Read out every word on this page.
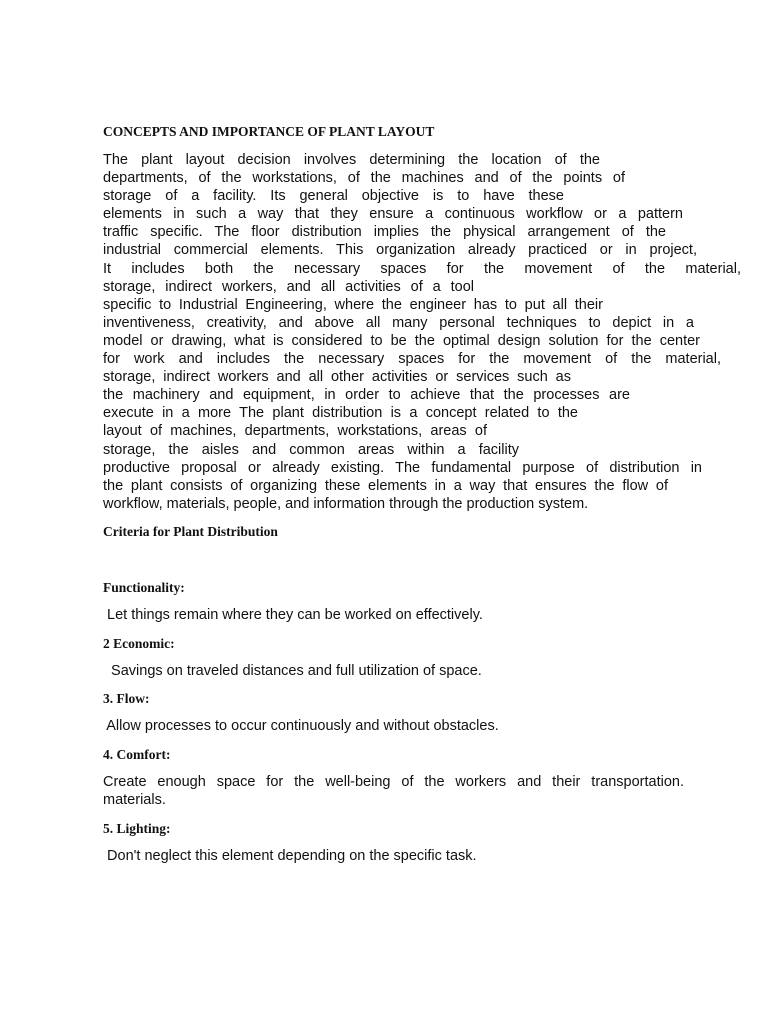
CONCEPTS AND IMPORTANCE OF PLANT LAYOUT
The plant layout decision involves determining the location of the
departments, of the workstations, of the machines and of the points of
storage of a facility. Its general objective is to have these
elements in such a way that they ensure a continuous workflow or a pattern
traffic specific. The floor distribution implies the physical arrangement of the
industrial commercial elements. This organization already practiced or in project,
It includes both the necessary spaces for the movement of the material,
storage, indirect workers, and all activities of a tool
specific to Industrial Engineering, where the engineer has to put all their
inventiveness, creativity, and above all many personal techniques to depict in a
model or drawing, what is considered to be the optimal design solution for the center
for work and includes the necessary spaces for the movement of the material,
storage, indirect workers and all other activities or services such as
the machinery and equipment, in order to achieve that the processes are
execute in a more The plant distribution is a concept related to the
layout of machines, departments, workstations, areas of
storage, the aisles and common areas within a facility
productive proposal or already existing. The fundamental purpose of distribution in
the plant consists of organizing these elements in a way that ensures the flow of
workflow, materials, people, and information through the production system.
Criteria for Plant Distribution
Functionality:
Let things remain where they can be worked on effectively.
2 Economic:
Savings on traveled distances and full utilization of space.
3. Flow:
Allow processes to occur continuously and without obstacles.
4. Comfort:
Create enough space for the well-being of the workers and their transportation.
materials.
5. Lighting:
Don't neglect this element depending on the specific task.
